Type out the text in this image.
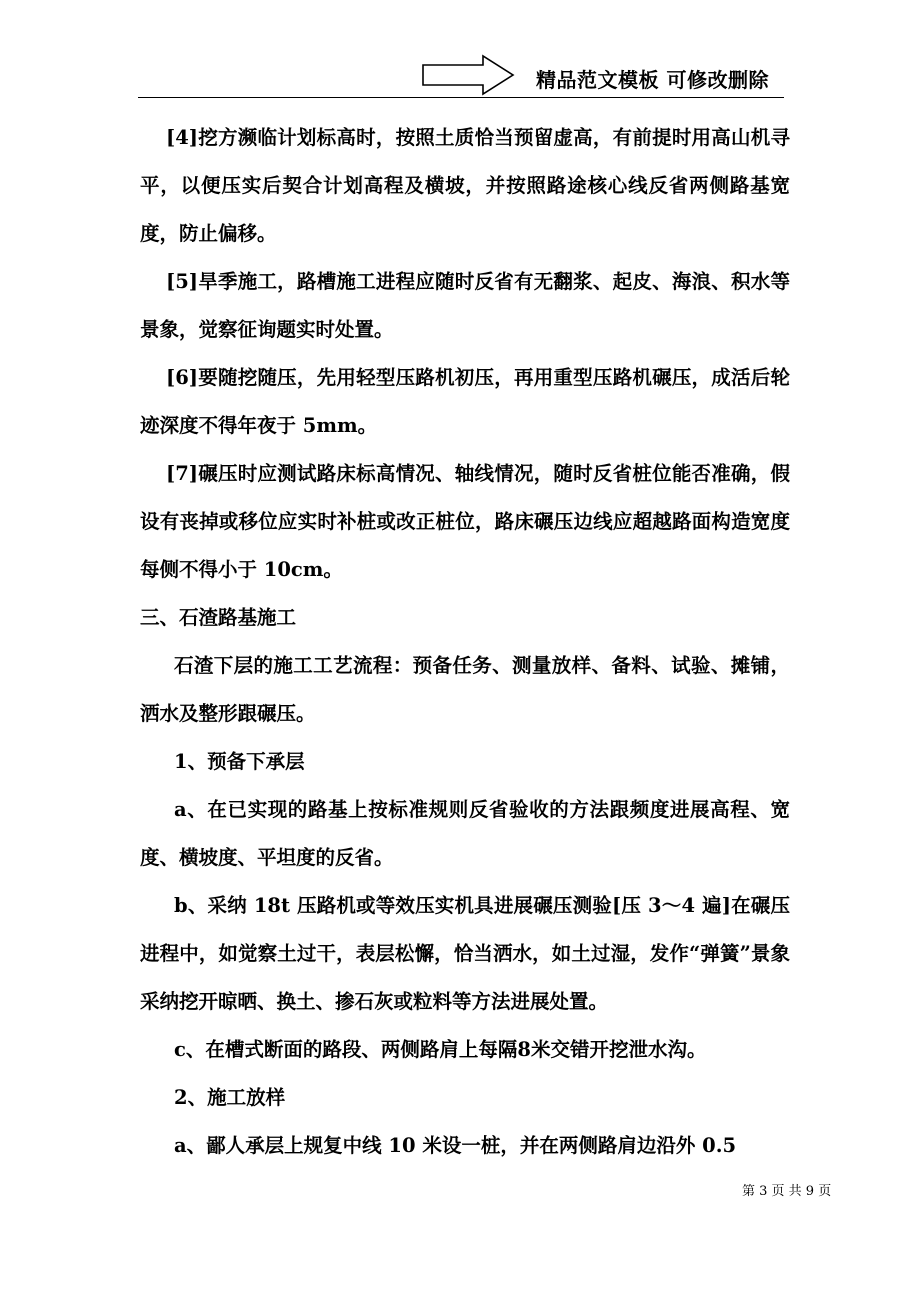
精品范文模板 可修改删除

[4]挖方濒临计划标高时，按照土质恰当预留虚高，有前提时用高山机寻平，以便压实后契合计划高程及横坡，并按照路途核心线反省两侧路基宽度，防止偏移。

[5]旱季施工，路槽施工进程应随时反省有无翻浆、起皮、海浪、积水等景象，觉察征询题实时处置。

[6]要随挖随压，先用轻型压路机初压，再用重型压路机碾压，成活后轮迹深度不得年夜于 5mm。

[7]碾压时应测试路床标高情况、轴线情况，随时反省桩位能否准确，假设有丧掉或移位应实时补桩或改正桩位，路床碾压边线应超越路面构造宽度每侧不得小于 10cm。

三、石渣路基施工

石渣下层的施工工艺流程：预备任务、测量放样、备料、试验、摊铺，洒水及整形跟碾压。

1、预备下承层

a、在已实现的路基上按标准规则反省验收的方法跟频度进展高程、宽度、横坡度、平坦度的反省。

b、采纳 18t 压路机或等效压实机具进展碾压测验[压 3～4 遍]在碾压进程中，如觉察土过干，表层松懈，恰当洒水，如土过湿，发作“弹簧”景象采纳挖开晾晒、换土、掺石灰或粒料等方法进展处置。

c、在槽式断面的路段、两侧路肩上每隔8米交错开挖泄水沟。

2、施工放样

a、鄙人承层上规复中线 10 米设一桩，并在两侧路肩边沿外 0.5

第 3 页 共 9 页
